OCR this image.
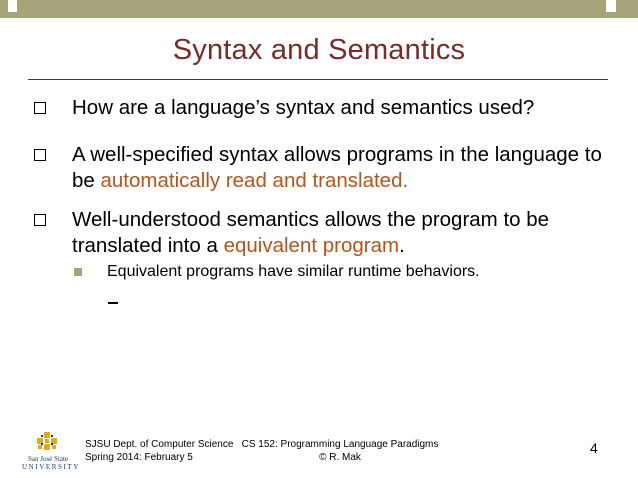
Syntax and Semantics
How are a language’s syntax and semantics used?
A well-specified syntax allows programs in the language to be automatically read and translated.
Well-understood semantics allows the program to be translated into a equivalent program.
Equivalent programs have similar runtime behaviors.
San José State
UNIVERSITY
SJSU Dept. of Computer Science
Spring 2014: February 5
CS 152: Programming Language Paradigms
© R. Mak
4
